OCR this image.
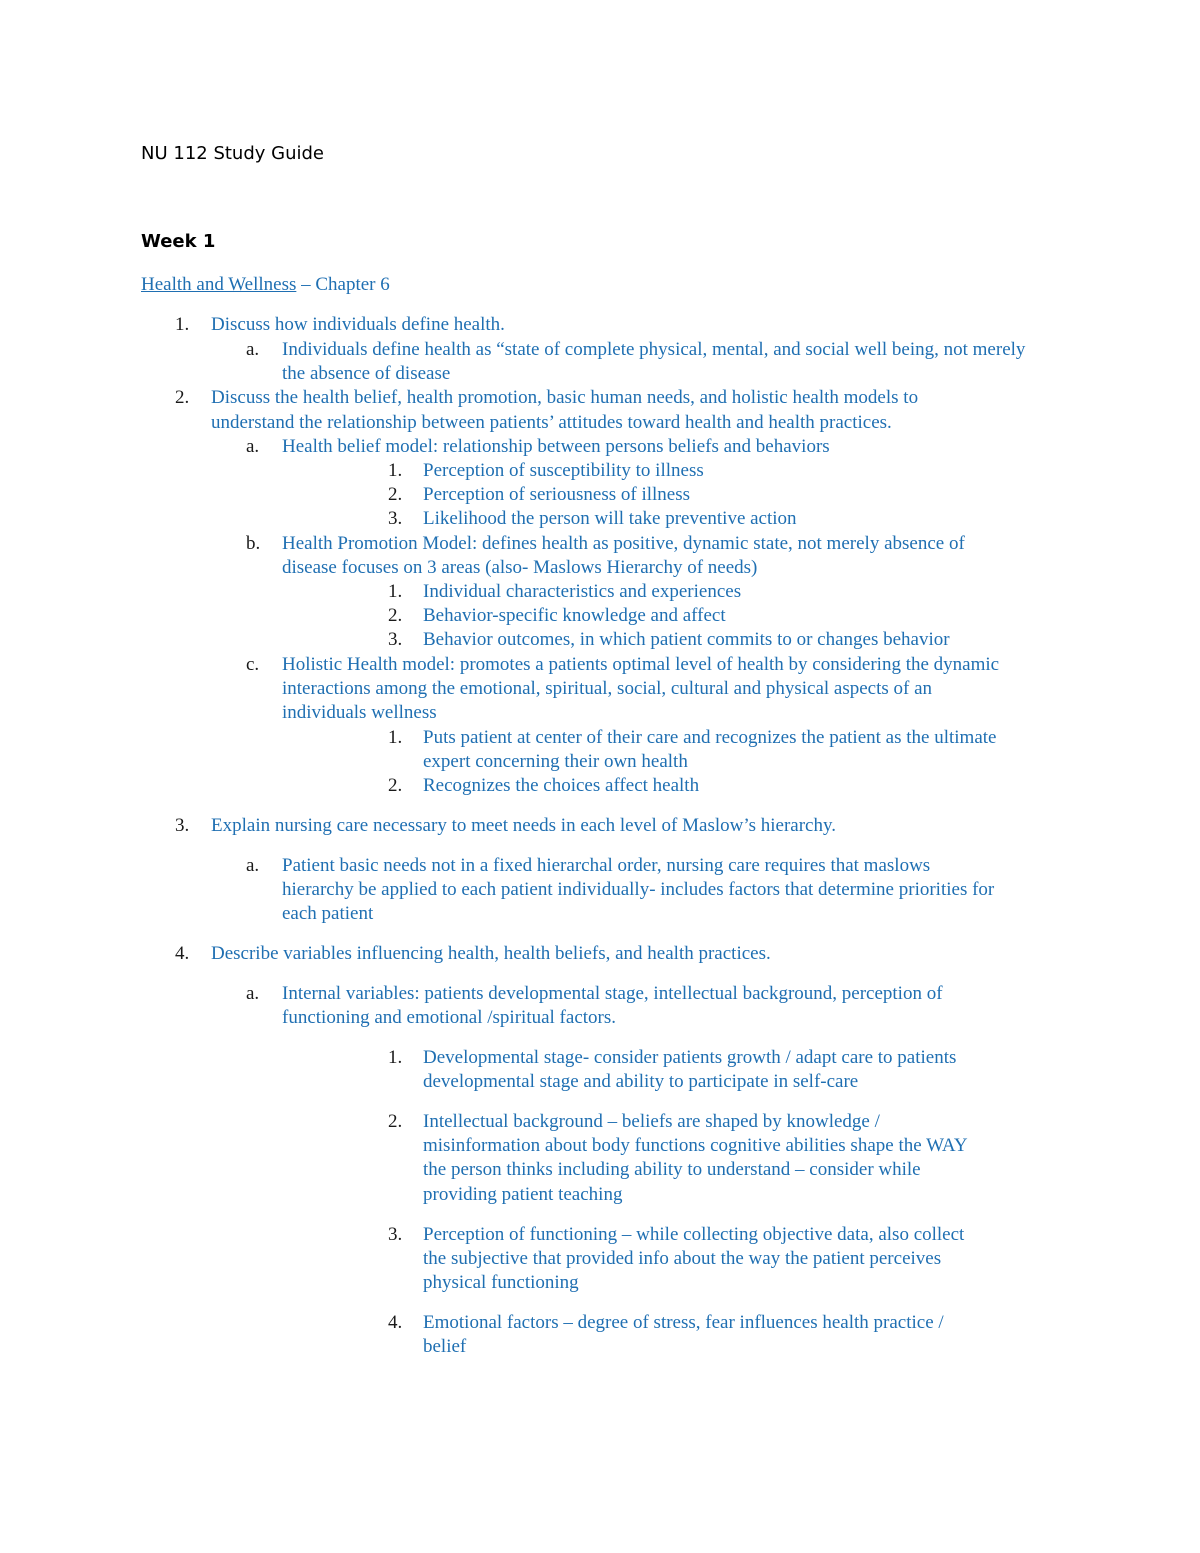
NU 112 Study Guide
Week 1
Health and Wellness – Chapter 6
1. Discuss how individuals define health.
a. Individuals define health as “state of complete physical, mental, and social well being, not merely
the absence of disease
2. Discuss the health belief, health promotion, basic human needs, and holistic health models to
understand the relationship between patients’ attitudes toward health and health practices.
a. Health belief model: relationship between persons beliefs and behaviors
1. Perception of susceptibility to illness
2. Perception of seriousness of illness
3. Likelihood the person will take preventive action
b. Health Promotion Model: defines health as positive, dynamic state, not merely absence of
disease focuses on 3 areas (also- Maslows Hierarchy of needs)
1. Individual characteristics and experiences
2. Behavior-specific knowledge and affect
3. Behavior outcomes, in which patient commits to or changes behavior
c. Holistic Health model: promotes a patients optimal level of health by considering the dynamic
interactions among the emotional, spiritual, social, cultural and physical aspects of an
individuals wellness
1. Puts patient at center of their care and recognizes the patient as the ultimate
expert concerning their own health
2. Recognizes the choices affect health
3. Explain nursing care necessary to meet needs in each level of Maslow’s hierarchy.
a. Patient basic needs not in a fixed hierarchal order, nursing care requires that maslows
hierarchy be applied to each patient individually- includes factors that determine priorities for
each patient
4. Describe variables influencing health, health beliefs, and health practices.
a. Internal variables: patients developmental stage, intellectual background, perception of
functioning and emotional /spiritual factors.
1. Developmental stage- consider patients growth / adapt care to patients
developmental stage and ability to participate in self-care
2. Intellectual background – beliefs are shaped by knowledge /
misinformation about body functions cognitive abilities shape the WAY
the person thinks including ability to understand – consider while
providing patient teaching
3. Perception of functioning – while collecting objective data, also collect
the subjective that provided info about the way the patient perceives
physical functioning
4. Emotional factors – degree of stress, fear influences health practice /
belief
